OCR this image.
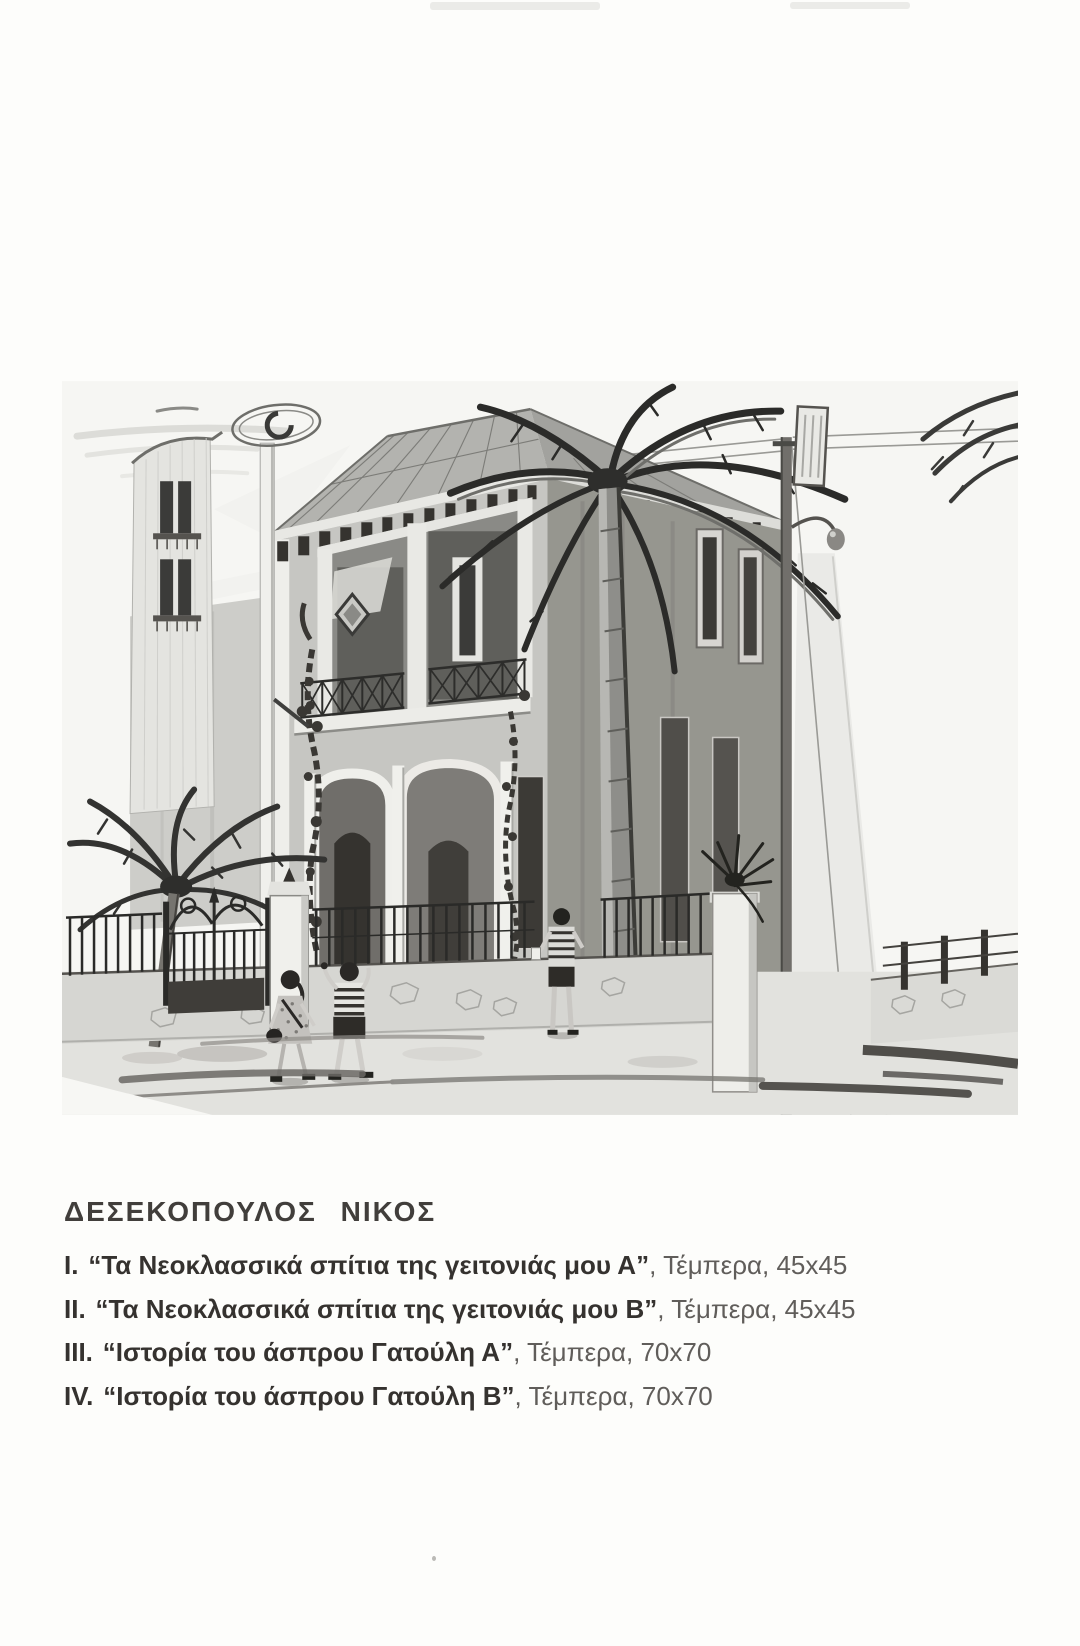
ΔΕΣΕΚΟΠΟΥΛΟΣ ΝΙΚΟΣ
I. “Τα Νεοκλασσικά σπίτια της γειτονιάς μου Α” , Τέμπερα, 45x45
II. “Τα Νεοκλασσικά σπίτια της γειτονιάς μου Β” , Τέμπερα, 45x45
III. “Ιστορία του άσπρου Γατούλη Α” , Τέμπερα, 70x70
IV. “Ιστορία του άσπρου Γατούλη Β” , Τέμπερα, 70x70
